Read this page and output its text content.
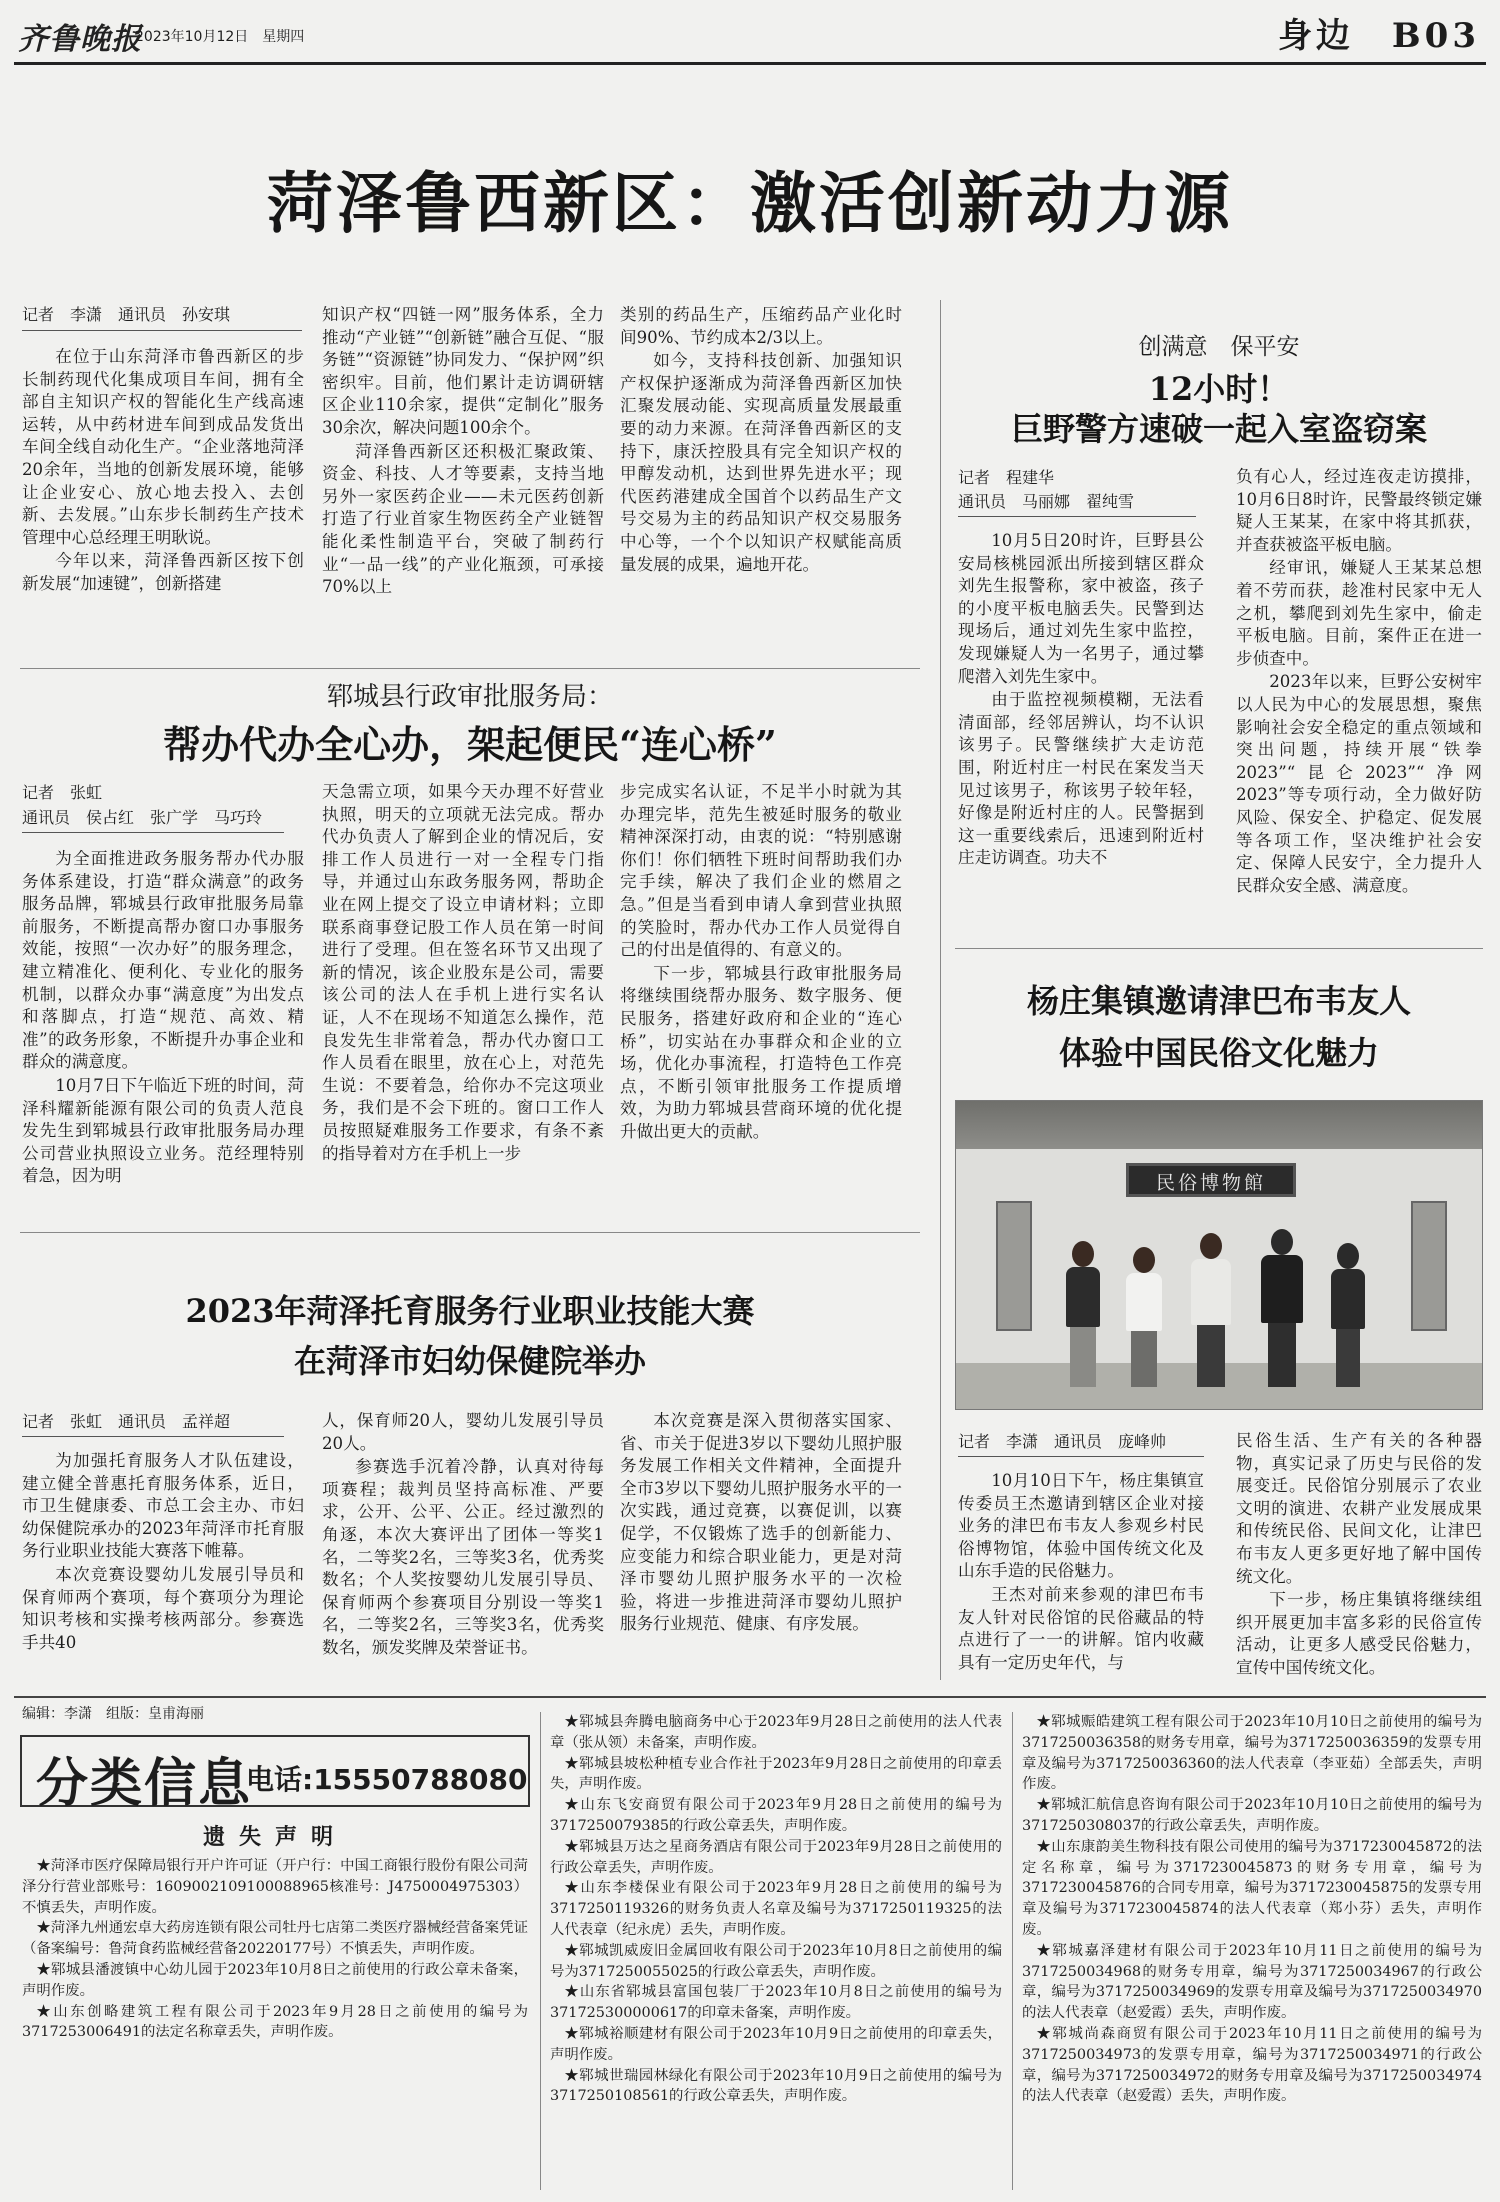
齐鲁晚报
2023年10月12日　星期四	身边　B03
菏泽鲁西新区：激活创新动力源
记者　李潇　通讯员　孙安琪

在位于山东菏泽市鲁西新区的步长制药现代化集成项目车间，拥有全部自主知识产权的智能化生产线高速运转，从中药材进车间到成品发货出车间全线自动化生产。“企业落地菏泽20余年，当地的创新发展环境，能够让企业安心、放心地去投入、去创新、去发展。”山东步长制药生产技术管理中心总经理王明耿说。

今年以来，菏泽鲁西新区按下创新发展“加速键”，创新搭建

知识产权“四链一网”服务体系，全力推动“产业链”“创新链”融合互促、“服务链”“资源链”协同发力、“保护网”织密织牢。目前，他们累计走访调研辖区企业110余家，提供“定制化”服务30余次，解决问题100余个。

菏泽鲁西新区还积极汇聚政策、资金、科技、人才等要素，支持当地另外一家医药企业——未元医药创新打造了行业首家生物医药全产业链智能化柔性制造平台，突破了制药行业“一品一线”的产业化瓶颈，可承接70%以上

类别的药品生产，压缩药品产业化时间90%、节约成本2/3以上。

如今，支持科技创新、加强知识产权保护逐渐成为菏泽鲁西新区加快汇聚发展动能、实现高质量发展最重要的动力来源。在菏泽鲁西新区的支持下，康沃控股具有完全知识产权的甲醇发动机，达到世界先进水平；现代医药港建成全国首个以药品生产文号交易为主的药品知识产权交易服务中心等，一个个以知识产权赋能高质量发展的成果，遍地开花。

创满意　保平安
12小时！
巨野警方速破一起入室盗窃案
记者　程建华
通讯员　马丽娜　翟纯雪

10月5日20时许，巨野县公安局核桃园派出所接到辖区群众刘先生报警称，家中被盗，孩子的小度平板电脑丢失。民警到达现场后，通过刘先生家中监控，发现嫌疑人为一名男子，通过攀爬潜入刘先生家中。

由于监控视频模糊，无法看清面部，经邻居辨认，均不认识该男子。民警继续扩大走访范围，附近村庄一村民在案发当天见过该男子，称该男子较年轻，好像是附近村庄的人。民警据到这一重要线索后，迅速到附近村庄走访调查。功夫不

负有心人，经过连夜走访摸排，10月6日8时许，民警最终锁定嫌疑人王某某，在家中将其抓获，并查获被盗平板电脑。

经审讯，嫌疑人王某某总想着不劳而获，趁准村民家中无人之机，攀爬到刘先生家中，偷走平板电脑。目前，案件正在进一步侦查中。

2023年以来，巨野公安树牢以人民为中心的发展思想，聚焦影响社会安全稳定的重点领域和突出问题，持续开展“铁拳2023”“昆仑2023”“净网2023”等专项行动，全力做好防风险、保安全、护稳定、促发展等各项工作，坚决维护社会安定、保障人民安宁，全力提升人民群众安全感、满意度。

郓城县行政审批服务局：
帮办代办全心办，架起便民“连心桥”
记者　张虹
通讯员　侯占红　张广学　马巧玲

为全面推进政务服务帮办代办服务体系建设，打造“群众满意”的政务服务品牌，郓城县行政审批服务局靠前服务，不断提高帮办窗口办事服务效能，按照“一次办好”的服务理念，建立精准化、便利化、专业化的服务机制，以群众办事“满意度”为出发点和落脚点，打造“规范、高效、精准”的政务形象，不断提升办事企业和群众的满意度。

10月7日下午临近下班的时间，菏泽科耀新能源有限公司的负责人范良发先生到郓城县行政审批服务局办理公司营业执照设立业务。范经理特别着急，因为明

天急需立项，如果今天办理不好营业执照，明天的立项就无法完成。帮办代办负责人了解到企业的情况后，安排工作人员进行一对一全程专门指导，并通过山东政务服务网，帮助企业在网上提交了设立申请材料；立即联系商事登记股工作人员在第一时间进行了受理。但在签名环节又出现了新的情况，该企业股东是公司，需要该公司的法人在手机上进行实名认证，人不在现场不知道怎么操作，范良发先生非常着急，帮办代办窗口工作人员看在眼里，放在心上，对范先生说：不要着急，给你办不完这项业务，我们是不会下班的。窗口工作人员按照疑难服务工作要求，有条不紊的指导着对方在手机上一步

步完成实名认证，不足半小时就为其办理完毕，范先生被延时服务的敬业精神深深打动，由衷的说：“特别感谢你们！你们牺牲下班时间帮助我们办完手续，解决了我们企业的燃眉之急。”但是当看到申请人拿到营业执照的笑脸时，帮办代办工作人员觉得自己的付出是值得的、有意义的。

下一步，郓城县行政审批服务局将继续围绕帮办服务、数字服务、便民服务，搭建好政府和企业的“连心桥”，切实站在办事群众和企业的立场，优化办事流程，打造特色工作亮点，不断引领审批服务工作提质增效，为助力郓城县营商环境的优化提升做出更大的贡献。

杨庄集镇邀请津巴布韦友人
体验中国民俗文化魅力
民俗博物館
记者　李潇　通讯员　庞峰帅

10月10日下午，杨庄集镇宣传委员王杰邀请到辖区企业对接业务的津巴布韦友人参观乡村民俗博物馆，体验中国传统文化及山东手造的民俗魅力。

王杰对前来参观的津巴布韦友人针对民俗馆的民俗藏品的特点进行了一一的讲解。馆内收藏具有一定历史年代，与

民俗生活、生产有关的各种器物，真实记录了历史与民俗的发展变迁。民俗馆分别展示了农业文明的演进、农耕产业发展成果和传统民俗、民间文化，让津巴布韦友人更多更好地了解中国传统文化。

下一步，杨庄集镇将继续组织开展更加丰富多彩的民俗宣传活动，让更多人感受民俗魅力，宣传中国传统文化。

2023年菏泽托育服务行业职业技能大赛
在菏泽市妇幼保健院举办
记者　张虹　通讯员　孟祥超

为加强托育服务人才队伍建设，建立健全普惠托育服务体系，近日，市卫生健康委、市总工会主办、市妇幼保健院承办的2023年菏泽市托育服务行业职业技能大赛落下帷幕。

本次竞赛设婴幼儿发展引导员和保育师两个赛项，每个赛项分为理论知识考核和实操考核两部分。参赛选手共40

人，保育师20人，婴幼儿发展引导员20人。

参赛选手沉着冷静，认真对待每项赛程；裁判员坚持高标准、严要求，公开、公平、公正。经过激烈的角逐，本次大赛评出了团体一等奖1名，二等奖2名，三等奖3名，优秀奖数名；个人奖按婴幼儿发展引导员、保育师两个参赛项目分别设一等奖1名，二等奖2名，三等奖3名，优秀奖数名，颁发奖牌及荣誉证书。

本次竞赛是深入贯彻落实国家、省、市关于促进3岁以下婴幼儿照护服务发展工作相关文件精神，全面提升全市3岁以下婴幼儿照护服务水平的一次实践，通过竞赛，以赛促训，以赛促学，不仅锻炼了选手的创新能力、应变能力和综合职业能力，更是对菏泽市婴幼儿照护服务水平的一次检验，将进一步推进菏泽市婴幼儿照护服务行业规范、健康、有序发展。

编辑：李潇　组版：皇甫海丽
分类信息
电话:15550788080
遗失声明

★菏泽市医疗保障局银行开户许可证（开户行：中国工商银行股份有限公司菏泽分行营业部账号：1609002109100088965核准号：J4750004975303）不慎丢失，声明作废。

★菏泽九州通宏卓大药房连锁有限公司牡丹七店第二类医疗器械经营备案凭证（备案编号：鲁菏食药监械经营备20220177号）不慎丢失，声明作废。

★郓城县潘渡镇中心幼儿园于2023年10月8日之前使用的行政公章未备案，声明作废。

★山东创略建筑工程有限公司于2023年9月28日之前使用的编号为3717253006491的法定名称章丢失，声明作废。

★郓城县奔腾电脑商务中心于2023年9月28日之前使用的法人代表章（张从领）未备案，声明作废。

★郓城县坡松种植专业合作社于2023年9月28日之前使用的印章丢失，声明作废。

★山东飞安商贸有限公司于2023年9月28日之前使用的编号为3717250079385的行政公章丢失，声明作废。

★郓城县万达之星商务酒店有限公司于2023年9月28日之前使用的行政公章丢失，声明作废。

★山东李楼保业有限公司于2023年9月28日之前使用的编号为3717250119326的财务负责人名章及编号为3717250119325的法人代表章（纪永虎）丢失，声明作废。

★郓城凯威废旧金属回收有限公司于2023年10月8日之前使用的编号为3717250055025的行政公章丢失，声明作废。

★山东省郓城县富国包装厂于2023年10月8日之前使用的编号为371725300000617的印章未备案，声明作废。

★郓城裕顺建材有限公司于2023年10月9日之前使用的印章丢失，声明作废。

★郓城世瑞园林绿化有限公司于2023年10月9日之前使用的编号为3717250108561的行政公章丢失，声明作废。

★郓城赈皓建筑工程有限公司于2023年10月10日之前使用的编号为3717250036358的财务专用章，编号为3717250036359的发票专用章及编号为3717250036360的法人代表章（李亚茹）全部丢失，声明作废。

★郓城汇航信息咨询有限公司于2023年10月10日之前使用的编号为3717250308037的行政公章丢失，声明作废。

★山东康韵美生物科技有限公司使用的编号为3717230045872的法定名称章，编号为3717230045873的财务专用章，编号为3717230045876的合同专用章，编号为3717230045875的发票专用章及编号为3717230045874的法人代表章（郑小芬）丢失，声明作废。

★郓城嘉泽建材有限公司于2023年10月11日之前使用的编号为3717250034968的财务专用章，编号为3717250034967的行政公章，编号为3717250034969的发票专用章及编号为3717250034970的法人代表章（赵爱霞）丢失，声明作废。

★郓城尚森商贸有限公司于2023年10月11日之前使用的编号为3717250034973的发票专用章，编号为3717250034971的行政公章，编号为3717250034972的财务专用章及编号为3717250034974的法人代表章（赵爱霞）丢失，声明作废。
